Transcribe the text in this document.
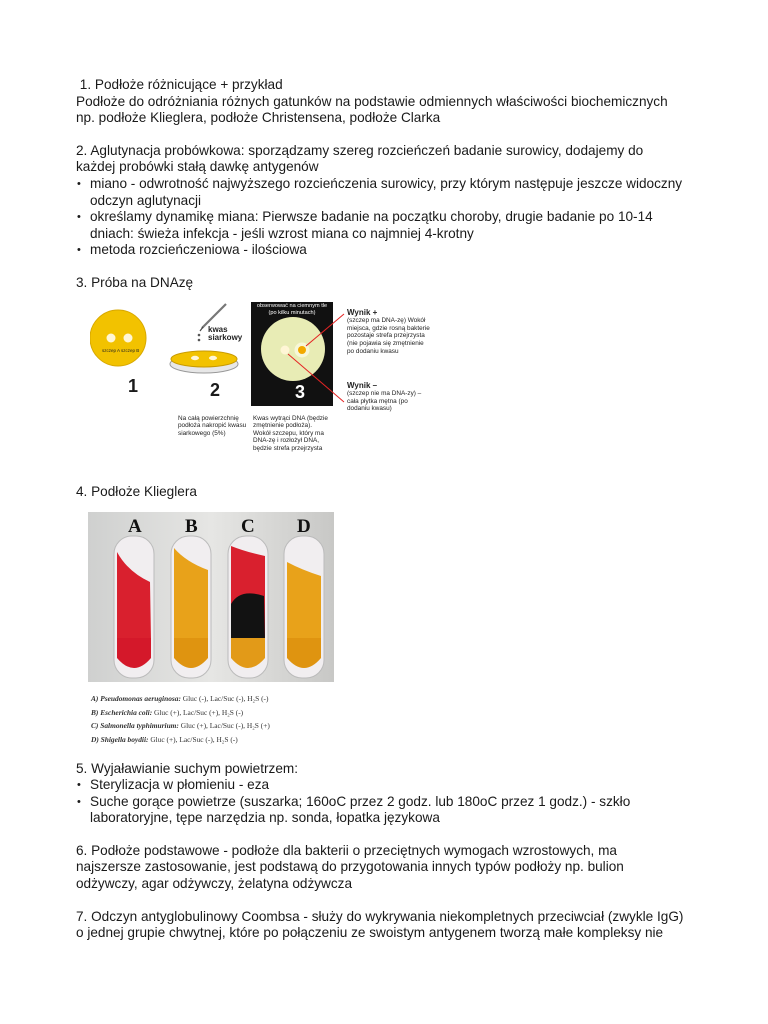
1. Podłoże różnicujące + przykład

Podłoże do odróżniania różnych gatunków na podstawie odmiennych właściwości biochemicznych

np. podłoże Klieglera, podłoże Christensena, podłoże Clarka

2. Aglutynacja probówkowa: sporządzamy szereg rozcieńczeń badanie surowicy, dodajemy do

każdej probówki stałą dawkę antygenów

• miano - odwrotność najwyższego rozcieńczenia surowicy, przy którym następuje jeszcze widoczny
odczyn aglutynacji
• określamy dynamikę miana: Pierwsze badanie na początku choroby, drugie badanie po 10-14
dniach: świeża infekcja - jeśli wzrost miana co najmniej 4-krotny
• metoda rozcieńczeniowa - ilościowa

3. Próba na DNAzę

szczep A szczep B
kwas
siarkowy
obserwować na ciemnym tle
(po kilku minutach)
1	2	3
Na całą powierzchnię
podłoża nakropić kwasu
siarkowego (5%)
Kwas wytrąci DNA (będzie
zmętnienie podłoża).
Wokół szczepu, który ma
DNA-zę i rozłożył DNA,
będzie strefa przejrzysta
Wynik +
(szczep ma DNA-zę) Wokół
miejsca, gdzie rosną bakterie
pozostaje strefa przejrzysta
(nie pojawia się zmętnienie
po dodaniu kwasu
Wynik –
(szczep nie ma DNA-zy) –
cała płytka mętna (po
dodaniu kwasu)

4. Podłoże Klieglera

A B C D
A) Pseudomonas aeruginosa: Gluc (-), Lac/Suc (-), H₂S (-)
B) Escherichia coli: Gluc (+), Lac/Suc (+), H₂S (-)
C) Salmonella typhimurium: Gluc (+), Lac/Suc (-), H₂S (+)
D) Shigella boydii: Gluc (+), Lac/Suc (-), H₂S (-)

5. Wyjaławianie suchym powietrzem:

• Sterylizacja w płomieniu - eza
• Suche gorące powietrze (suszarka; 160oC przez 2 godz. lub 180oC przez 1 godz.) - szkło
laboratoryjne, tępe narzędzia np. sonda, łopatka językowa

6. Podłoże podstawowe - podłoże dla bakterii o przeciętnych wymogach wzrostowych, ma

najszersze zastosowanie, jest podstawą do przygotowania innych typów podłoży np. bulion

odżywczy, agar odżywczy, żelatyna odżywcza

7. Odczyn antyglobulinowy Coombsa - służy do wykrywania niekompletnych przeciwciał (zwykle IgG)

o jednej grupie chwytnej, które po połączeniu ze swoistym antygenem tworzą małe kompleksy nie
